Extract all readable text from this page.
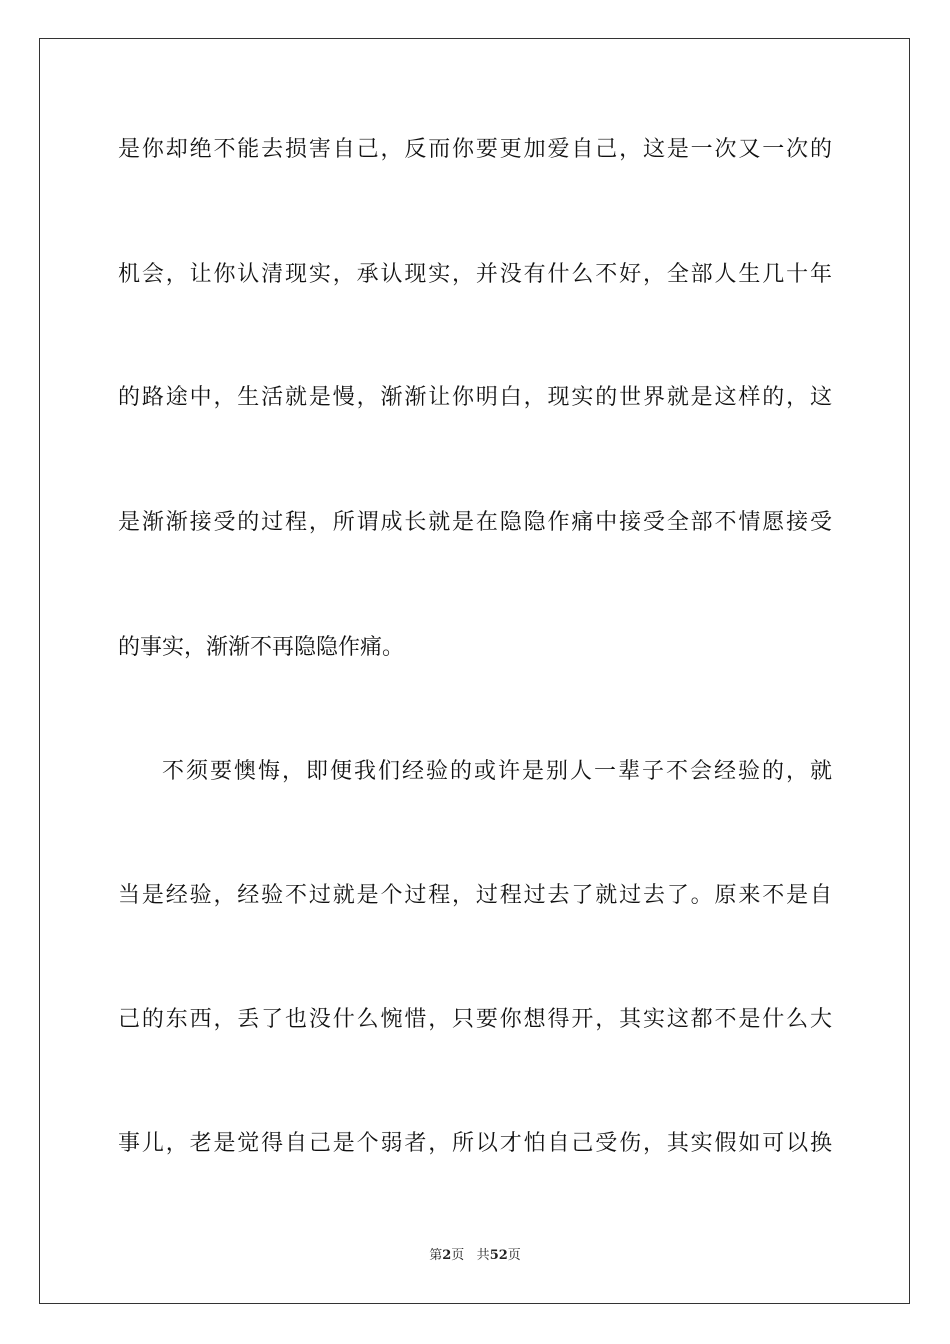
是你却绝不能去损害自己，反而你要更加爱自己，这是一次又一次的
机会，让你认清现实，承认现实，并没有什么不好，全部人生几十年
的路途中，生活就是慢，渐渐让你明白，现实的世界就是这样的，这
是渐渐接受的过程，所谓成长就是在隐隐作痛中接受全部不情愿接受
的事实，渐渐不再隐隐作痛。
不须要懊悔，即便我们经验的或许是别人一辈子不会经验的，就
当是经验，经验不过就是个过程，过程过去了就过去了。原来不是自
己的东西，丢了也没什么惋惜，只要你想得开，其实这都不是什么大
事儿，老是觉得自己是个弱者，所以才怕自己受伤，其实假如可以换
第2页 共52页
